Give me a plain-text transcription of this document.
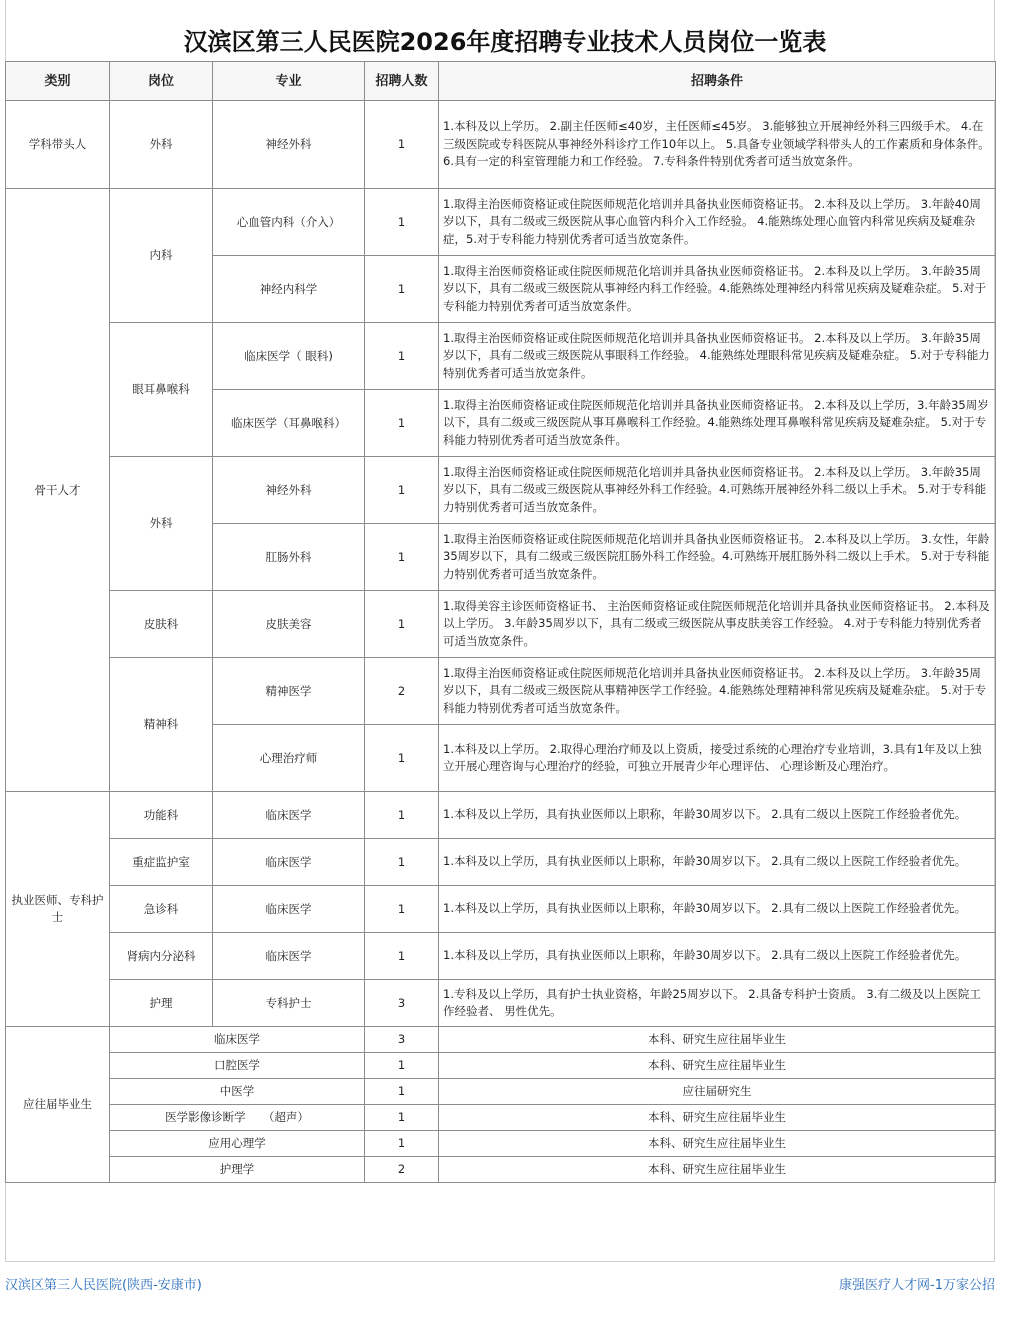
汉滨区第三人民医院2026年度招聘专业技术人员岗位一览表
类别	岗位	专业	招聘人数	招聘条件
学科带头人	外科	神经外科	1	1.本科及以上学历。 2.副主任医师≤40岁，主任医师≤45岁。 3.能够独立开展神经外科三四级手术。 4.在三级医院或专科医院从事神经外科诊疗工作10年以上。 5.具备专业领域学科带头人的工作素质和身体条件。 6.具有一定的科室管理能力和工作经验。 7.专科条件特别优秀者可适当放宽条件。
骨干人才	内科	心血管内科（介入）	1	1.取得主治医师资格证或住院医师规范化培训并具备执业医师资格证书。 2.本科及以上学历。 3.年龄40周岁以下，具有二级或三级医院从事心血管内科介入工作经验。 4.能熟练处理心血管内科常见疾病及疑难杂症，5.对于专科能力特别优秀者可适当放宽条件。
		神经内科学	1	1.取得主治医师资格证或住院医师规范化培训并具备执业医师资格证书。 2.本科及以上学历。 3.年龄35周岁以下，具有二级或三级医院从事神经内科工作经验。4.能熟练处理神经内科常见疾病及疑难杂症。 5.对于专科能力特别优秀者可适当放宽条件。
	眼耳鼻喉科	临床医学（ 眼科)	1	1.取得主治医师资格证或住院医师规范化培训并具备执业医师资格证书。 2.本科及以上学历。 3.年龄35周岁以下，具有二级或三级医院从事眼科工作经验。 4.能熟练处理眼科常见疾病及疑难杂症。 5.对于专科能力特别优秀者可适当放宽条件。
		临床医学（耳鼻喉科）	1	1.取得主治医师资格证或住院医师规范化培训并具备执业医师资格证书。 2.本科及以上学历，3.年龄35周岁以下，具有二级或三级医院从事耳鼻喉科工作经验。4.能熟练处理耳鼻喉科常见疾病及疑难杂症。 5.对于专科能力特别优秀者可适当放宽条件。
	外科	神经外科	1	1.取得主治医师资格证或住院医师规范化培训并具备执业医师资格证书。 2.本科及以上学历。 3.年龄35周岁以下，具有二级或三级医院从事神经外科工作经验。4.可熟练开展神经外科二级以上手术。 5.对于专科能力特别优秀者可适当放宽条件。
		肛肠外科	1	1.取得主治医师资格证或住院医师规范化培训并具备执业医师资格证书。 2.本科及以上学历。 3.女性，年龄35周岁以下，具有二级或三级医院肛肠外科工作经验。4.可熟练开展肛肠外科二级以上手术。 5.对于专科能力特别优秀者可适当放宽条件。
	皮肤科	皮肤美容	1	1.取得美容主诊医师资格证书、 主治医师资格证或住院医师规范化培训并具备执业医师资格证书。 2.本科及以上学历。 3.年龄35周岁以下，具有二级或三级医院从事皮肤美容工作经验。 4.对于专科能力特别优秀者可适当放宽条件。
	精神科	精神医学	2	1.取得主治医师资格证或住院医师规范化培训并具备执业医师资格证书。 2.本科及以上学历。 3.年龄35周岁以下，具有二级或三级医院从事精神医学工作经验。4.能熟练处理精神科常见疾病及疑难杂症。 5.对于专科能力特别优秀者可适当放宽条件。
		心理治疗师	1	1.本科及以上学历。 2.取得心理治疗师及以上资质，接受过系统的心理治疗专业培训，3.具有1年及以上独立开展心理咨询与心理治疗的经验，可独立开展青少年心理评估、 心理诊断及心理治疗。
执业医师、专科护士	功能科	临床医学	1	1.本科及以上学历，具有执业医师以上职称，年龄30周岁以下。 2.具有二级以上医院工作经验者优先。
	重症监护室	临床医学	1	1.本科及以上学历，具有执业医师以上职称，年龄30周岁以下。 2.具有二级以上医院工作经验者优先。
	急诊科	临床医学	1	1.本科及以上学历，具有执业医师以上职称，年龄30周岁以下。 2.具有二级以上医院工作经验者优先。
	肾病内分泌科	临床医学	1	1.本科及以上学历，具有执业医师以上职称，年龄30周岁以下。 2.具有二级以上医院工作经验者优先。
	护理	专科护士	3	1.专科及以上学历，具有护士执业资格，年龄25周岁以下。 2.具备专科护士资质。 3.有二级及以上医院工作经验者、 男性优先。
应往届毕业生	临床医学		3	本科、研究生应往届毕业生
	口腔医学		1	本科、研究生应往届毕业生
	中医学		1	应往届研究生
	医学影像诊断学　　（超声）		1	本科、研究生应往届毕业生
	应用心理学		1	本科、研究生应往届毕业生
	护理学		2	本科、研究生应往届毕业生
汉滨区第三人民医院(陕西-安康市)	康强医疗人才网-1万家公招
